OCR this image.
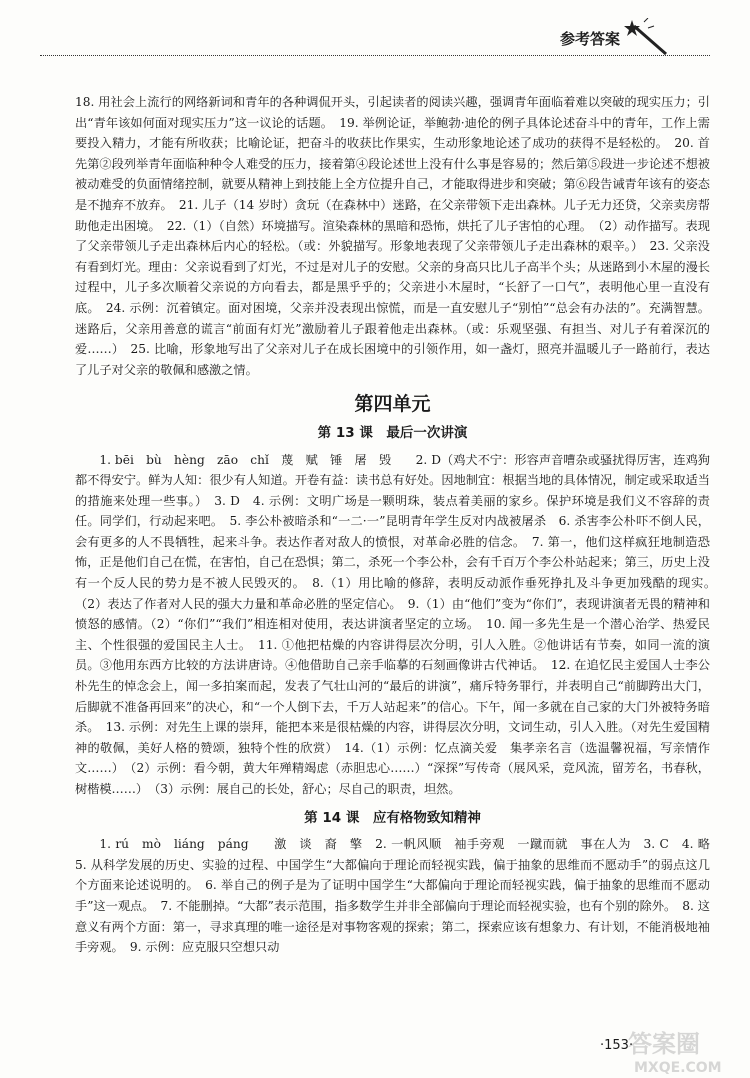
参考答案

18. 用社会上流行的网络新词和青年的各种调侃开头，引起读者的阅读兴趣，强调青年面临着难以突破的现实压力；引出“青年该如何面对现实压力”这一议论的话题。　19. 举例论证，举鲍勃·迪伦的例子具体论述奋斗中的青年，工作上需要投入精力，才能有所收获；比喻论证，把奋斗的收获比作果实，生动形象地论述了成功的获得不是轻松的。　20. 首先第②段列举青年面临种种令人难受的压力，接着第④段论述世上没有什么事是容易的；然后第⑤段进一步论述不想被被动难受的负面情绪控制，就要从精神上到技能上全方位提升自己，才能取得进步和突破；第⑥段告诫青年该有的姿态是不抛弃不放弃。　21. 儿子（14 岁时）贪玩（在森林中）迷路，在父亲带领下走出森林。儿子无力还贷，父亲卖房帮助他走出困境。　22.（1）（自然）环境描写。渲染森林的黑暗和恐怖，烘托了儿子害怕的心理。　（2）动作描写。表现了父亲带领儿子走出森林后内心的轻松。（或：外貌描写。形象地表现了父亲带领儿子走出森林的艰辛。）　23. 父亲没有看到灯光。理由：父亲说看到了灯光，不过是对儿子的安慰。父亲的身高只比儿子高半个头；从迷路到小木屋的漫长过程中，儿子多次顺着父亲说的方向看去，都是黑乎乎的；父亲进小木屋时，“长舒了一口气”，表明他心里一直没有底。　24. 示例：沉着镇定。面对困境，父亲并没表现出惊慌，而是一直安慰儿子“别怕”“总会有办法的”。充满智慧。迷路后，父亲用善意的谎言“前面有灯光”激励着儿子跟着他走出森林。（或：乐观坚强、有担当、对儿子有着深沉的爱……）　25. 比喻，形象地写出了父亲对儿子在成长困境中的引领作用，如一盏灯，照亮并温暖儿子一路前行，表达了儿子对父亲的敬佩和感激之情。

第四单元
第 13 课　最后一次讲演

1. bēi　bù　hèng　zāo　chǐ　蔑　赋　锤　屠　毁　　2. D（鸡犬不宁：形容声音嘈杂或骚扰得厉害，连鸡狗都不得安宁。鲜为人知：很少有人知道。开卷有益：读书总有好处。因地制宜：根据当地的具体情况，制定或采取适当的措施来处理一些事。）　3. D　4. 示例：文明广场是一颗明珠，装点着美丽的家乡。保护环境是我们义不容辞的责任。同学们，行动起来吧。　5. 李公朴被暗杀和“一二·一”昆明青年学生反对内战被屠杀　6. 杀害李公朴吓不倒人民，会有更多的人不畏牺牲，起来斗争。表达作者对敌人的愤恨，对革命必胜的信念。　7. 第一，他们这样疯狂地制造恐怖，正是他们自己在慌，在害怕，自己在恐惧；第二，杀死一个李公朴，会有千百万个李公朴站起来；第三，历史上没有一个反人民的势力是不被人民毁灭的。　8.（1）用比喻的修辞，表明反动派作垂死挣扎及斗争更加残酷的现实。　（2）表达了作者对人民的强大力量和革命必胜的坚定信心。　9.（1）由“他们”变为“你们”，表现讲演者无畏的精神和愤怒的感情。（2）“你们”“我们”相连相对使用，表达讲演者坚定的立场。　10. 闻一多先生是一个潜心治学、热爱民主、个性很强的爱国民主人士。　11. ①他把枯燥的内容讲得层次分明，引人入胜。②他讲话有节奏，如同一流的演员。③他用东西方比较的方法讲唐诗。④他借助自己亲手临摹的石刻画像讲古代神话。　12. 在追忆民主爱国人士李公朴先生的悼念会上，闻一多拍案而起，发表了气壮山河的“最后的讲演”，痛斥特务罪行，并表明自己“前脚跨出大门，后脚就不准备再回来”的决心，和“一个人倒下去，千万人站起来”的信心。下午，闻一多就在自己家的大门外被特务暗杀。　13. 示例：对先生上课的崇拜，能把本来是很枯燥的内容，讲得层次分明，文词生动，引人入胜。（对先生爱国精神的敬佩，美好人格的赞颂，独特个性的欣赏）　14.（1）示例：忆点滴关爱　集孝亲名言（选温馨祝福，写亲情作文……）　（2）示例：看今朝，黄大年殚精竭虑（赤胆忠心……）“深探”写传奇（展风采，竞风流，留芳名，书春秋，树楷模……）　（3）示例：展自己的长处，舒心；尽自己的职责，坦然。

第 14 课　应有格物致知精神

1. rú　mò　liáng　páng　　激　谈　裔　擎　2. 一帆风顺　袖手旁观　一蹴而就　事在人为　3. C　4. 略　5. 从科学发展的历史、实验的过程、中国学生“大都偏向于理论而轻视实践，偏于抽象的思维而不愿动手”的弱点这几个方面来论述说明的。　6. 举自己的例子是为了证明中国学生“大都偏向于理论而轻视实践，偏于抽象的思维而不愿动手”这一观点。　7. 不能删掉。“大都”表示范围，指多数学生并非全部偏向于理论而轻视实验，也有个别的除外。　8. 这意义有两个方面：第一，寻求真理的唯一途径是对事物客观的探索；第二，探索应该有想象力、有计划，不能消极地袖手旁观。　9. 示例：应克服只空想只动

·153·
答案圈
MXQE.COM
